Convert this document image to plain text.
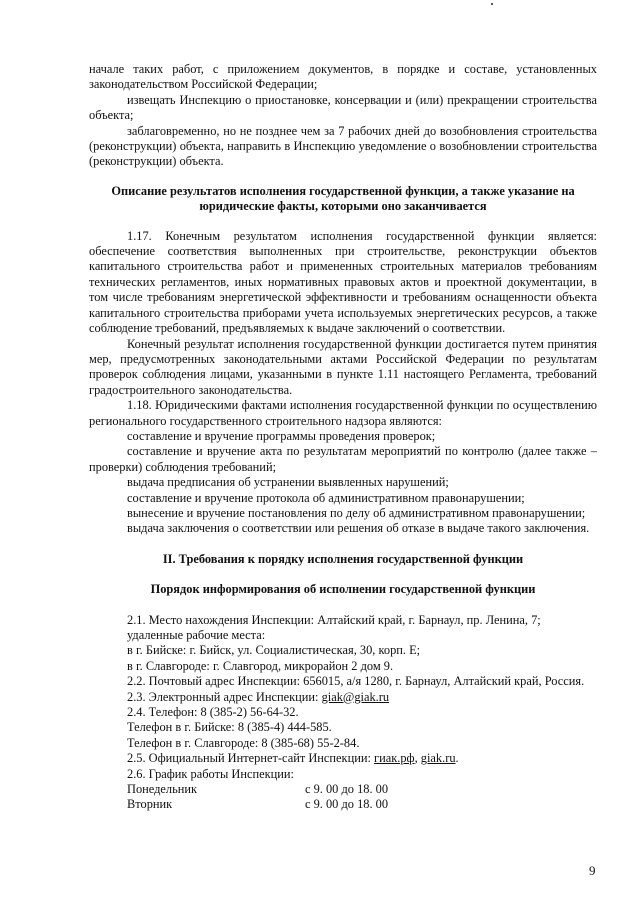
начале таких работ, с приложением документов, в порядке и составе, установленных законодательством Российской Федерации;

извещать Инспекцию о приостановке, консервации и (или) прекращении строительства объекта;

заблаговременно, но не позднее чем за 7 рабочих дней до возобновления строительства (реконструкции) объекта, направить в Инспекцию уведомление о возобновлении строительства (реконструкции) объекта.

Описание результатов исполнения государственной функции, а также указание на юридические факты, которыми оно заканчивается

1.17. Конечным результатом исполнения государственной функции является: обеспечение соответствия выполненных при строительстве, реконструкции объектов капитального строительства работ и примененных строительных материалов требованиям технических регламентов, иных нормативных правовых актов и проектной документации, в том числе требованиям энергетической эффективности и требованиям оснащенности объекта капитального строительства приборами учета используемых энергетических ресурсов, а также соблюдение требований, предъявляемых к выдаче заключений о соответствии.

Конечный результат исполнения государственной функции достигается путем принятия мер, предусмотренных законодательными актами Российской Федерации по результатам проверок соблюдения лицами, указанными в пункте 1.11 настоящего Регламента, требований градостроительного законодательства.

1.18. Юридическими фактами исполнения государственной функции по осуществлению регионального государственного строительного надзора являются:

составление и вручение программы проведения проверок;

составление и вручение акта по результатам мероприятий по контролю (далее также – проверки) соблюдения требований;

выдача предписания об устранении выявленных нарушений;

составление и вручение протокола об административном правонарушении;

вынесение и вручение постановления по делу об административном правонарушении;

выдача заключения о соответствии или решения об отказе в выдаче такого заключения.

II. Требования к порядку исполнения государственной функции

Порядок информирования об исполнении государственной функции

2.1. Место нахождения Инспекции: Алтайский край, г. Барнаул, пр. Ленина, 7;

удаленные рабочие места:

в г. Бийске: г. Бийск, ул. Социалистическая, 30, корп. Е;

в г. Славгороде: г. Славгород, микрорайон 2 дом 9.

2.2. Почтовый адрес Инспекции: 656015, а/я 1280, г. Барнаул, Алтайский край, Россия.

2.3. Электронный адрес Инспекции: giak@giak.ru

2.4. Телефон: 8 (385-2) 56-64-32.

Телефон в г. Бийске: 8 (385-4) 444-585.

Телефон в г. Славгороде: 8 (385-68) 55-2-84.

2.5. Официальный Интернет-сайт Инспекции: гиак.рф, giak.ru.

2.6. График работы Инспекции:

Понедельник	с 9. 00 до 18. 00
Вторник	с 9. 00 до 18. 00
9
